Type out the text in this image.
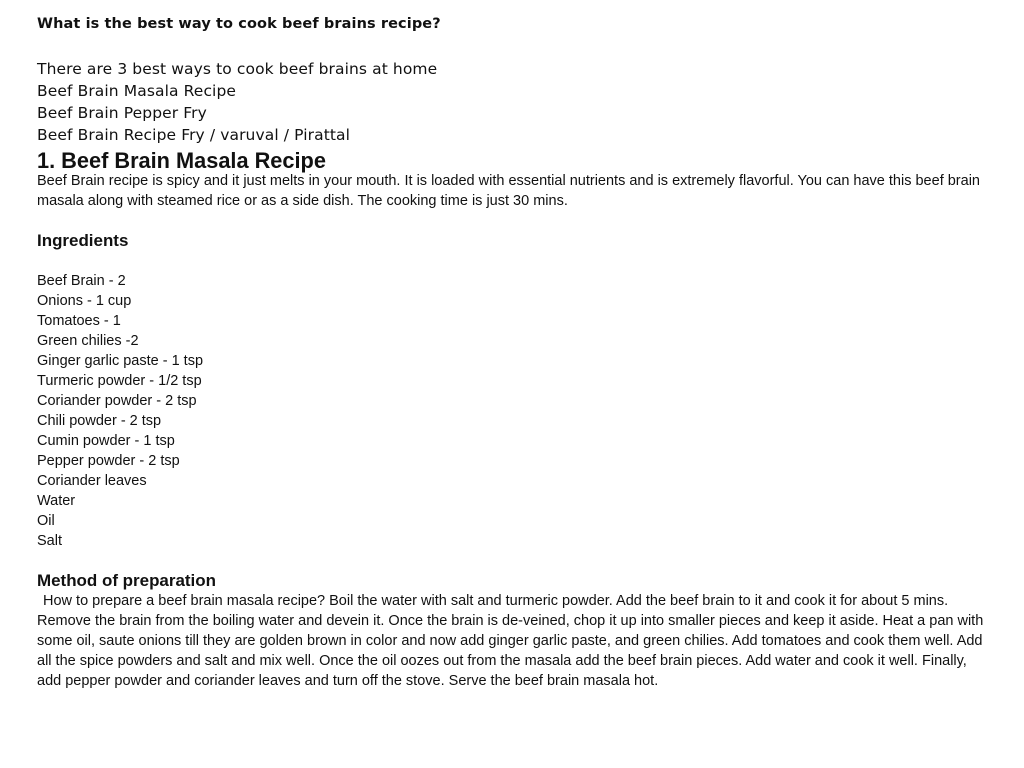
What is the best way to cook beef brains recipe?
There are 3 best ways to cook beef brains at home
Beef Brain Masala Recipe
Beef Brain Pepper Fry
Beef Brain Recipe Fry / varuval / Pirattal
1. Beef Brain Masala Recipe

Beef Brain recipe is spicy and it just melts in your mouth. It is loaded with essential nutrients and is extremely flavorful. You can have this beef brain masala along with steamed rice or as a side dish. The cooking time is just 30 mins.

Ingredients
Beef Brain - 2
Onions - 1 cup
Tomatoes - 1
Green chilies -2
Ginger garlic paste - 1 tsp
Turmeric powder - 1/2 tsp
Coriander powder - 2 tsp
Chili powder - 2 tsp
Cumin powder - 1 tsp
Pepper powder - 2 tsp
Coriander leaves
Water
Oil
Salt
Method of preparation

How to prepare a beef brain masala recipe? Boil the water with salt and turmeric powder. Add the beef brain to it and cook it for about 5 mins. Remove the brain from the boiling water and devein it. Once the brain is de-veined, chop it up into smaller pieces and keep it aside. Heat a pan with some oil, saute onions till they are golden brown in color and now add ginger garlic paste, and green chilies. Add tomatoes and cook them well. Add all the spice powders and salt and mix well. Once the oil oozes out from the masala add the beef brain pieces. Add water and cook it well. Finally, add pepper powder and coriander leaves and turn off the stove. Serve the beef brain masala hot.
